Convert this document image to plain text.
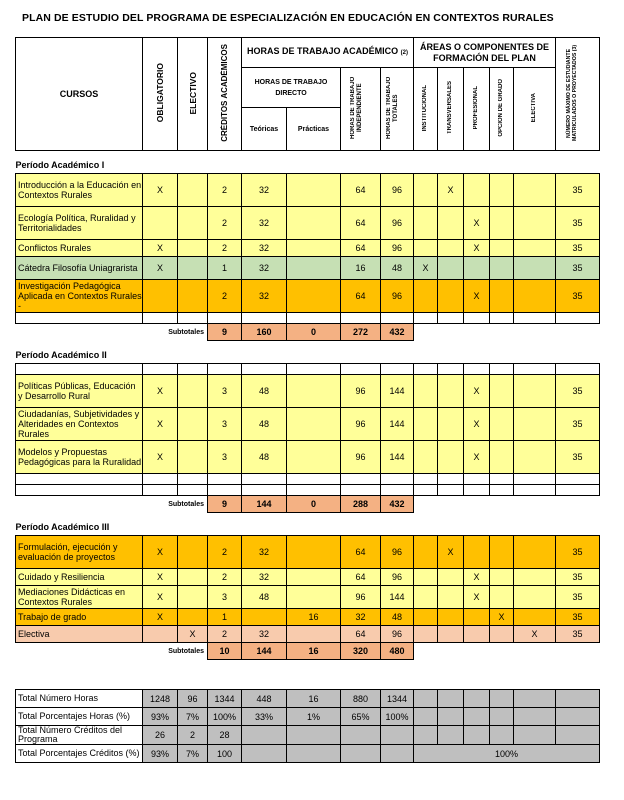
PLAN DE ESTUDIO DEL PROGRAMA DE ESPECIALIZACIÓN EN EDUCACIÓN EN CONTEXTOS RURALES
CURSOS	OBLIGATORIO	ELECTIVO	CRÉDITOS ACADÉMICOS	HORAS DE TRABAJO ACADÉMICO (2)				ÁREAS O COMPONENTES DE FORMACIÓN DEL PLAN					NÚMERO MÁXIMO DE ESTUDIANTE MATRICULADOS O PROYECTADOS (3)
				HORAS DE TRABAJO DIRECTO		HORAS DE TRABAJO INDEPENDIENTE	HORAS DE TRABAJO TOTALES	INSTITUCIONAL	TRANSVERSALES	PROFESIONAL	OPCION DE GRADO	ELECTIVA	
				Teóricas	Prácticas								
Período Académico I													
Introducción a la Educación en Contextos Rurales	X		2	32		64	96		X				35
Ecología Política, Ruralidad y Territorialidades			2	32		64	96			X			35
Conflictos Rurales	X		2	32		64	96			X			35
Cátedra Filosofía Uniagrarista	X		1	32		16	48	X					35
Investigación Pedagógica Aplicada en Contextos Rurales -			2	32		64	96			X			35

Subtotales			9	160	0	272	432						
Período Académico II													

Políticas Públicas, Educación y Desarrollo Rural	X		3	48		96	144			X			35
Ciudadanías, Subjetividades y Alteridades en Contextos Rurales	X		3	48		96	144			X			35
Modelos y Propuestas Pedagógicas para la Ruralidad	X		3	48		96	144			X			35

Subtotales			9	144	0	288	432						
Período Académico III													
Formulación, ejecución y evaluación de proyectos	X		2	32		64	96		X				35
Cuidado y Resiliencia	X		2	32		64	96			X			35
Mediaciones Didácticas en Contextos Rurales	X		3	48		96	144			X			35
Trabajo de grado	X		1		16	32	48				X		35
Electiva		X	2	32		64	96					X	35
Subtotales			10	144	16	320	480						
Total Número Horas	1248	96	1344	448	16	880	1344						
Total Porcentajes Horas (%)	93%	7%	100%	33%	1%	65%	100%						
Total Número Créditos del Programa	26	2	28										
Total Porcentajes Créditos (%)	93%	7%	100					100%					
